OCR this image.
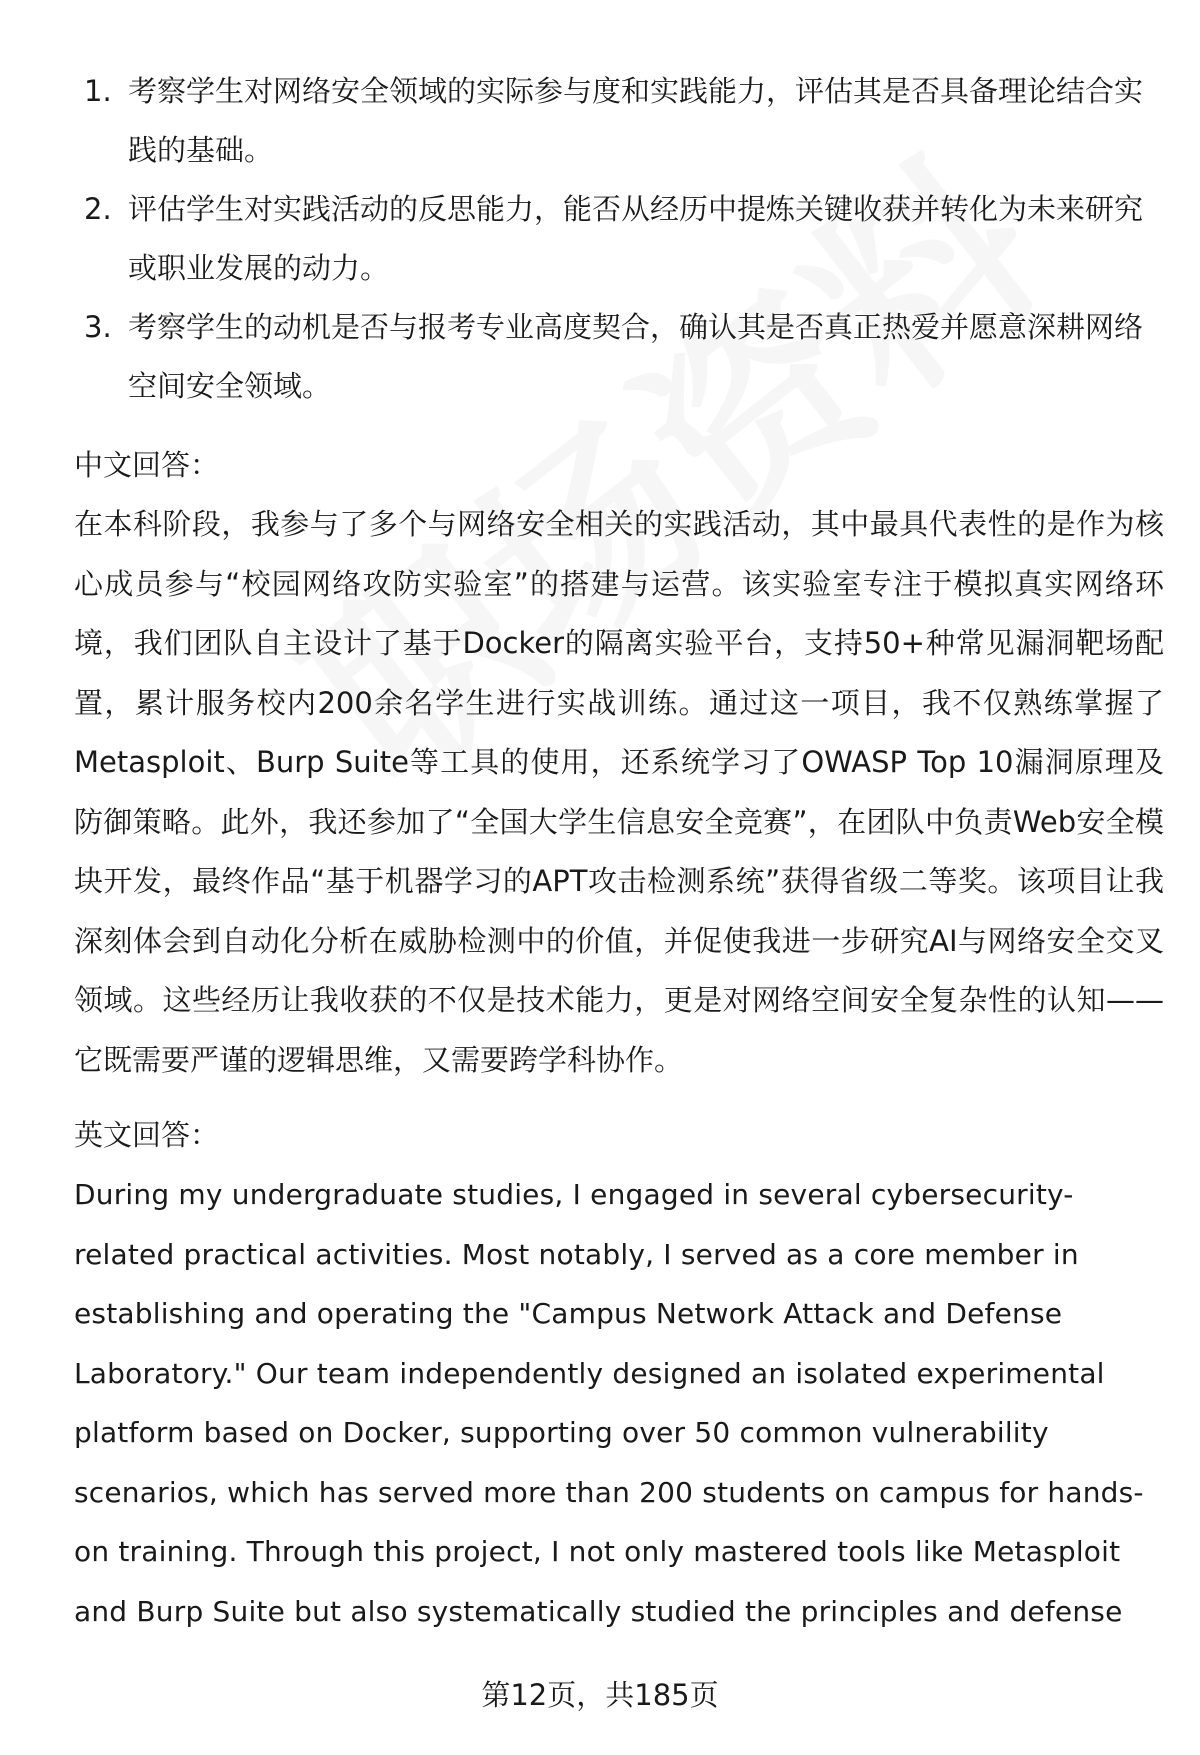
1. 考察学生对网络安全领域的实际参与度和实践能力，评估其是否具备理论结合实践的基础。
2. 评估学生对实践活动的反思能力，能否从经历中提炼关键收获并转化为未来研究或职业发展的动力。
3. 考察学生的动机是否与报考专业高度契合，确认其是否真正热爱并愿意深耕网络空间安全领域。
中文回答：

在本科阶段，我参与了多个与网络安全相关的实践活动，其中最具代表性的是作为核心成员参与“校园网络攻防实验室”的搭建与运营。该实验室专注于模拟真实网络环境，我们团队自主设计了基于Docker的隔离实验平台，支持50+种常见漏洞靶场配置，累计服务校内200余名学生进行实战训练。通过这一项目，我不仅熟练掌握了Metasploit、Burp Suite等工具的使用，还系统学习了OWASP Top 10漏洞原理及防御策略。此外，我还参加了“全国大学生信息安全竞赛”，在团队中负责Web安全模块开发，最终作品“基于机器学习的APT攻击检测系统”获得省级二等奖。该项目让我深刻体会到自动化分析在威胁检测中的价值，并促使我进一步研究AI与网络安全交叉领域。这些经历让我收获的不仅是技术能力，更是对网络空间安全复杂性的认知——它既需要严谨的逻辑思维，又需要跨学科协作。

英文回答：

During my undergraduate studies, I engaged in several cybersecurity-related practical activities. Most notably, I served as a core member in establishing and operating the "Campus Network Attack and Defense Laboratory." Our team independently designed an isolated experimental platform based on Docker, supporting over 50 common vulnerability scenarios, which has served more than 200 students on campus for hands-on training. Through this project, I not only mastered tools like Metasploit and Burp Suite but also systematically studied the principles and defense

第12页，共185页
